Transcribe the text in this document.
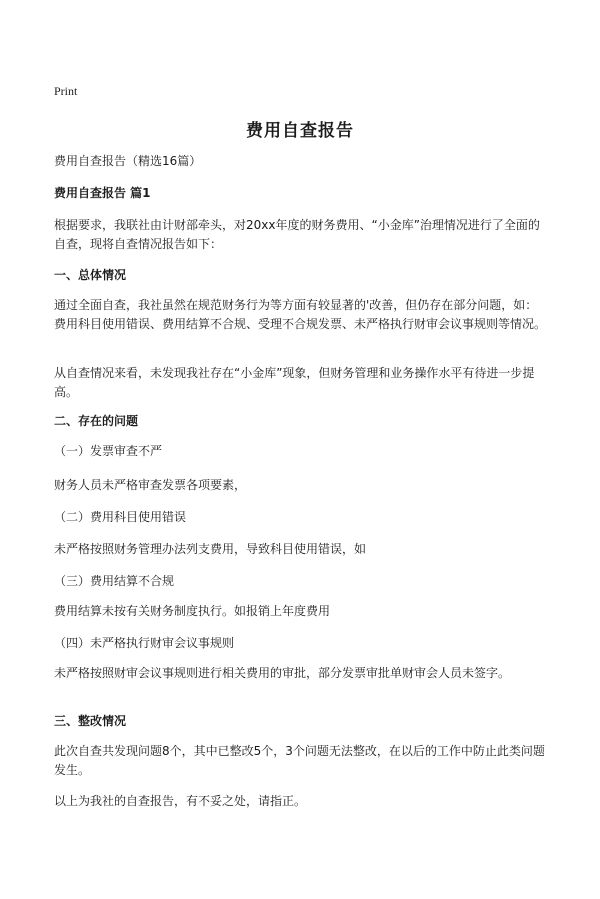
Print
费用自查报告

费用自查报告（精选16篇）

费用自查报告 篇1

根据要求，我联社由计财部牵头，对20xx年度的财务费用、“小金库”治理情况进行了全面的自查，现将自查情况报告如下：

一、总体情况

通过全面自查，我社虽然在规范财务行为等方面有较显著的'改善，但仍存在部分问题，如：费用科目使用错误、费用结算不合规、受理不合规发票、未严格执行财审会议事规则等情况。

从自查情况来看，未发现我社存在“小金库”现象，但财务管理和业务操作水平有待进一步提高。

二、存在的问题

（一）发票审查不严

财务人员未严格审查发票各项要素，

（二）费用科目使用错误

未严格按照财务管理办法列支费用，导致科目使用错误，如

（三）费用结算不合规

费用结算未按有关财务制度执行。如报销上年度费用

（四）未严格执行财审会议事规则

未严格按照财审会议事规则进行相关费用的审批，部分发票审批单财审会人员未签字。

三、整改情况

此次自查共发现问题8个，其中已整改5个，3个问题无法整改，在以后的工作中防止此类问题发生。

以上为我社的自查报告，有不妥之处，请指正。
